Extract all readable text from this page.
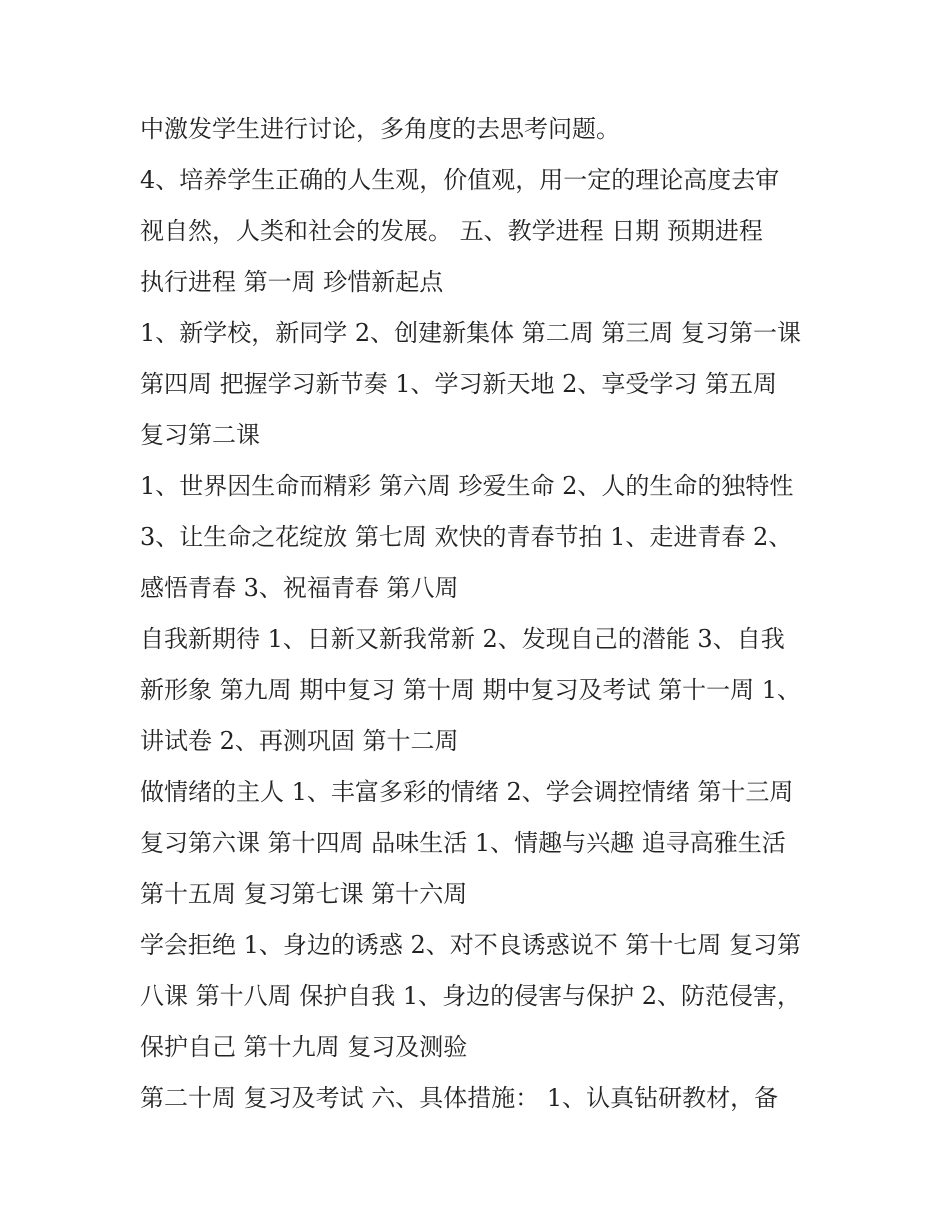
中激发学生进行讨论，多角度的去思考问题。
4、培养学生正确的人生观，价值观，用一定的理论高度去审
视自然，人类和社会的发展。 五、教学进程 日期 预期进程
执行进程 第一周 珍惜新起点
1、新学校，新同学 2、创建新集体 第二周 第三周 复习第一课
第四周 把握学习新节奏 1、学习新天地 2、享受学习 第五周
复习第二课
1、世界因生命而精彩 第六周 珍爱生命 2、人的生命的独特性
3、让生命之花绽放 第七周 欢快的青春节拍 1、走进青春 2、
感悟青春 3、祝福青春 第八周
自我新期待 1、日新又新我常新 2、发现自己的潜能 3、自我
新形象 第九周 期中复习 第十周 期中复习及考试 第十一周 1、
讲试卷 2、再测巩固 第十二周
做情绪的主人 1、丰富多彩的情绪 2、学会调控情绪 第十三周
复习第六课 第十四周 品味生活 1、情趣与兴趣 追寻高雅生活
第十五周 复习第七课 第十六周
学会拒绝 1、身边的诱惑 2、对不良诱惑说不 第十七周 复习第
八课 第十八周 保护自我 1、身边的侵害与保护 2、防范侵害，
保护自己 第十九周 复习及测验
第二十周 复习及考试 六、具体措施： 1、认真钻研教材，备
